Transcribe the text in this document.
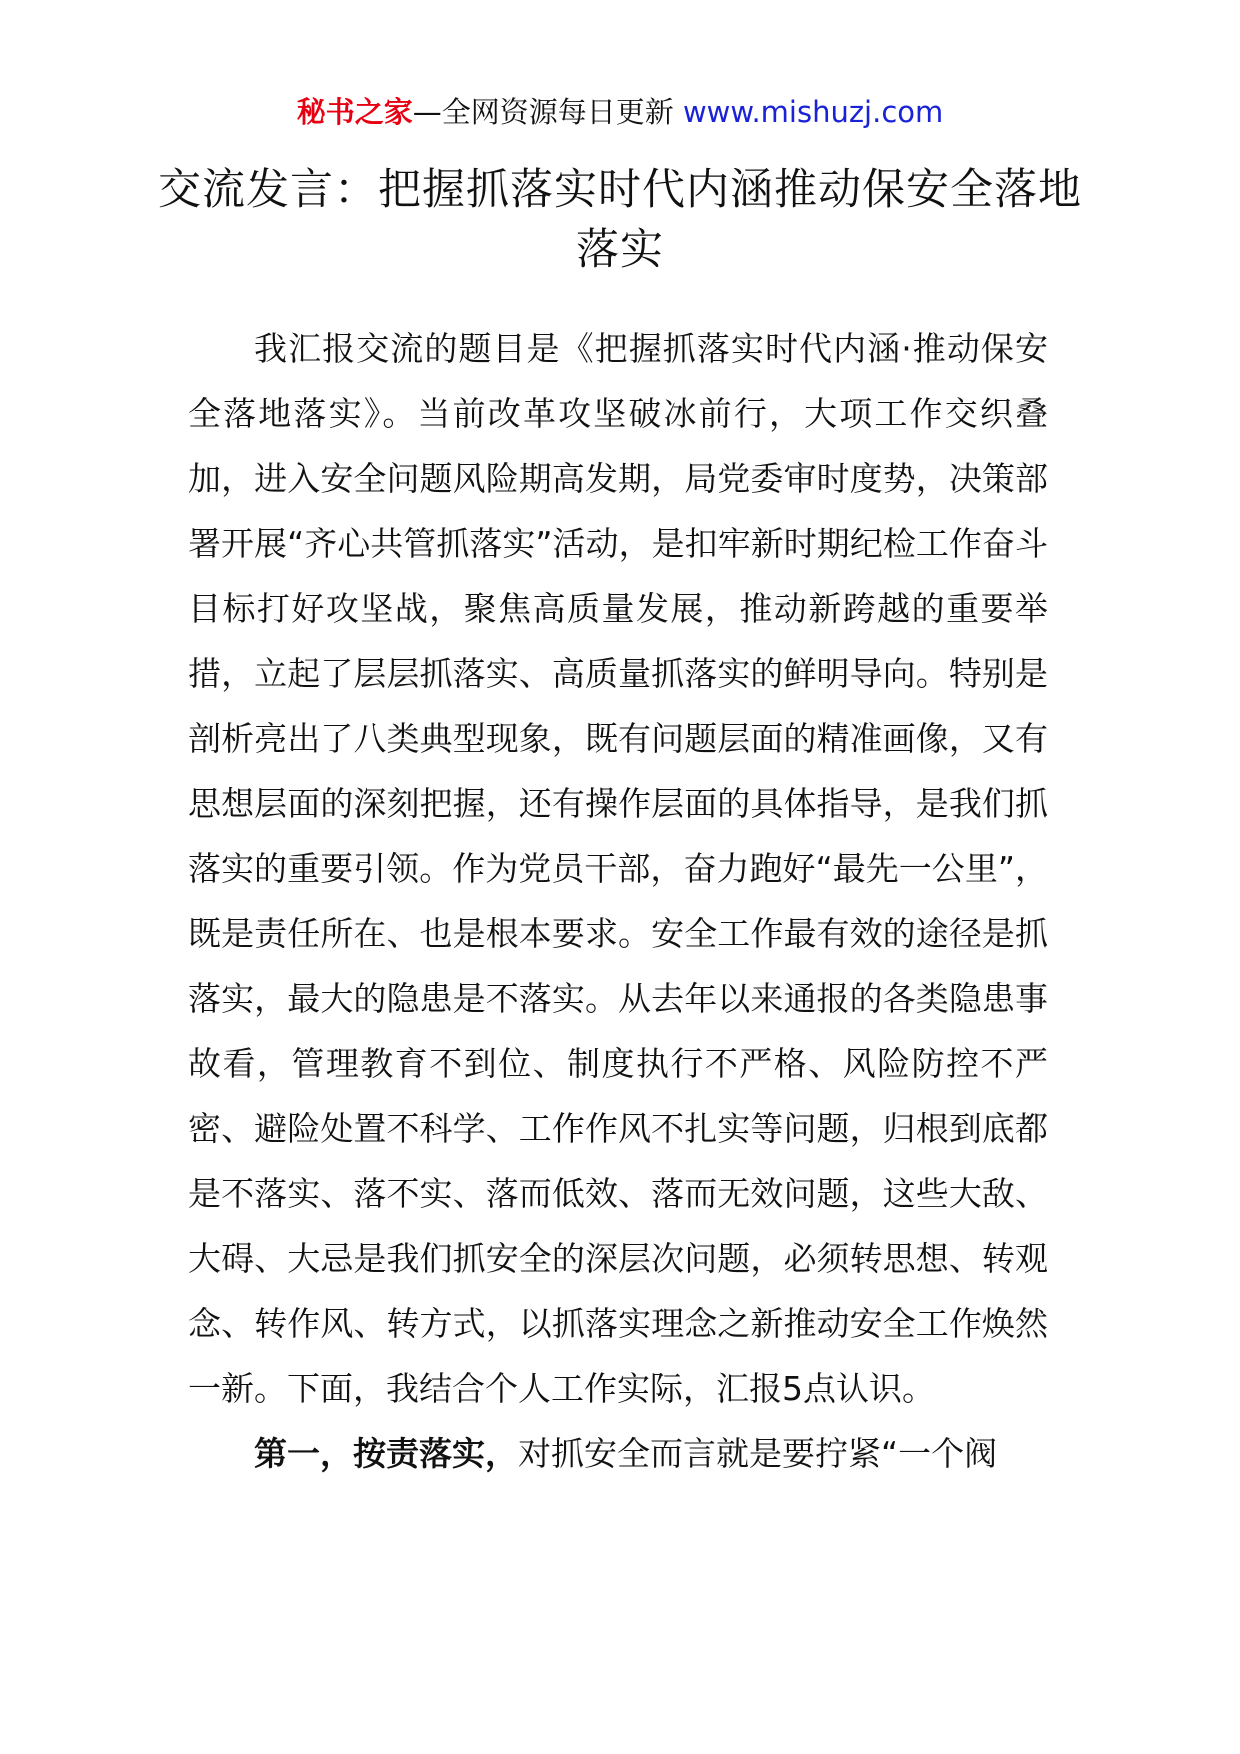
秘书之家—全网资源每日更新 www.mishuzj.com
交流发言：把握抓落实时代内涵推动保安全落地落实

我汇报交流的题目是《把握抓落实时代内涵·推动保安全落地落实》。当前改革攻坚破冰前行，大项工作交织叠加，进入安全问题风险期高发期，局党委审时度势，决策部署开展“齐心共管抓落实”活动，是扣牢新时期纪检工作奋斗目标打好攻坚战，聚焦高质量发展，推动新跨越的重要举措，立起了层层抓落实、高质量抓落实的鲜明导向。特别是剖析亮出了八类典型现象，既有问题层面的精准画像，又有思想层面的深刻把握，还有操作层面的具体指导，是我们抓落实的重要引领。作为党员干部，奋力跑好“最先一公里”，既是责任所在、也是根本要求。安全工作最有效的途径是抓落实，最大的隐患是不落实。从去年以来通报的各类隐患事故看，管理教育不到位、制度执行不严格、风险防控不严密、避险处置不科学、工作作风不扎实等问题，归根到底都是不落实、落不实、落而低效、落而无效问题，这些大敌、大碍、大忌是我们抓安全的深层次问题，必须转思想、转观念、转作风、转方式，以抓落实理念之新推动安全工作焕然一新。下面，我结合个人工作实际，汇报5点认识。

第一，按责落实，对抓安全而言就是要拧紧“一个阀
